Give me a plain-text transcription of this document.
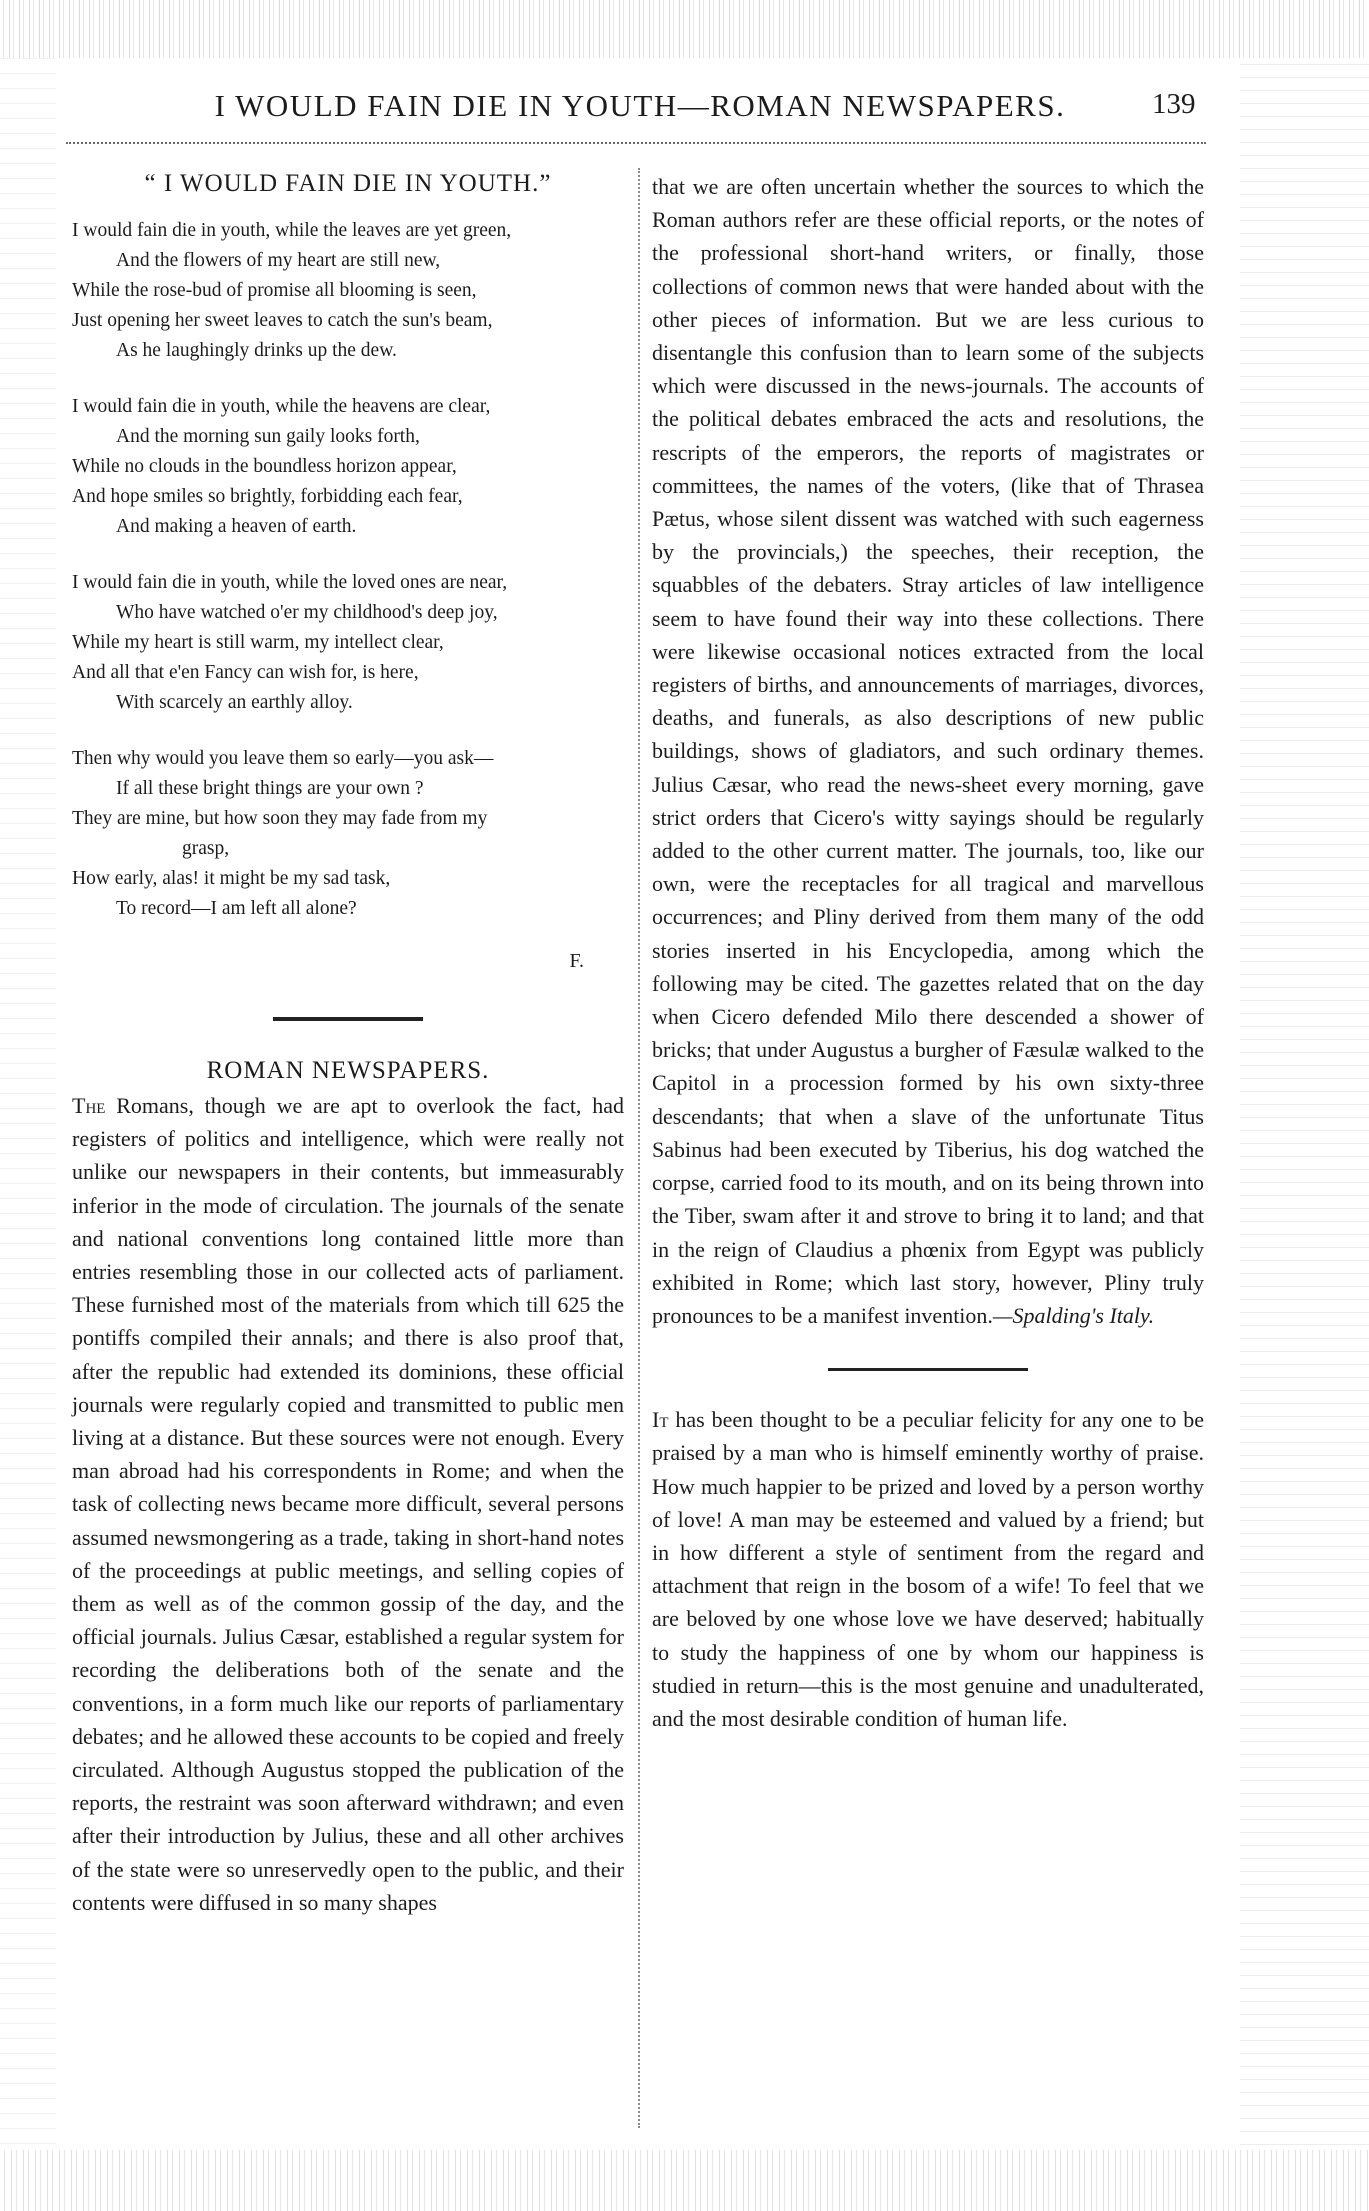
I WOULD FAIN DIE IN YOUTH—ROMAN NEWSPAPERS.	139
“ I WOULD FAIN DIE IN YOUTH.”
I would fain die in youth, while the leaves are yet green,
And the flowers of my heart are still new,
While the rose-bud of promise all blooming is seen,
Just opening her sweet leaves to catch the sun's beam,
As he laughingly drinks up the dew.
I would fain die in youth, while the heavens are clear,
And the morning sun gaily looks forth,
While no clouds in the boundless horizon appear,
And hope smiles so brightly, forbidding each fear,
And making a heaven of earth.
I would fain die in youth, while the loved ones are near,
Who have watched o'er my childhood's deep joy,
While my heart is still warm, my intellect clear,
And all that e'en Fancy can wish for, is here,
With scarcely an earthly alloy.
Then why would you leave them so early—you ask—
If all these bright things are your own ?
They are mine, but how soon they may fade from my
grasp,
How early, alas! it might be my sad task,
To record—I am left all alone?
F.
ROMAN NEWSPAPERS.

The Romans, though we are apt to overlook the fact, had registers of politics and intelligence, which were really not unlike our newspapers in their contents, but immeasurably inferior in the mode of circulation. The journals of the senate and national conventions long contained little more than entries resembling those in our collected acts of parliament. These furnished most of the materials from which till 625 the pontiffs compiled their annals; and there is also proof that, after the republic had extended its dominions, these official journals were regularly copied and transmitted to public men living at a distance. But these sources were not enough. Every man abroad had his correspondents in Rome; and when the task of collecting news became more difficult, several persons assumed newsmongering as a trade, taking in short-hand notes of the proceedings at public meetings, and selling copies of them as well as of the common gossip of the day, and the official journals. Julius Cæsar, established a regular system for recording the deliberations both of the senate and the conventions, in a form much like our reports of parliamentary debates; and he allowed these accounts to be copied and freely circulated. Although Augustus stopped the publication of the reports, the restraint was soon afterward withdrawn; and even after their introduction by Julius, these and all other archives of the state were so unreservedly open to the public, and their contents were diffused in so many shapes

that we are often uncertain whether the sources to which the Roman authors refer are these official reports, or the notes of the professional short-hand writers, or finally, those collections of common news that were handed about with the other pieces of information. But we are less curious to disentangle this confusion than to learn some of the subjects which were discussed in the news-journals. The accounts of the political debates embraced the acts and resolutions, the rescripts of the emperors, the reports of magistrates or committees, the names of the voters, (like that of Thrasea Pætus, whose silent dissent was watched with such eagerness by the provincials,) the speeches, their reception, the squabbles of the debaters. Stray articles of law intelligence seem to have found their way into these collections. There were likewise occasional notices extracted from the local registers of births, and announcements of marriages, divorces, deaths, and funerals, as also descriptions of new public buildings, shows of gladiators, and such ordinary themes. Julius Cæsar, who read the news-sheet every morning, gave strict orders that Cicero's witty sayings should be regularly added to the other current matter. The journals, too, like our own, were the receptacles for all tragical and marvellous occurrences; and Pliny derived from them many of the odd stories inserted in his Encyclopedia, among which the following may be cited. The gazettes related that on the day when Cicero defended Milo there descended a shower of bricks; that under Augustus a burgher of Fæsulæ walked to the Capitol in a procession formed by his own sixty-three descendants; that when a slave of the unfortunate Titus Sabinus had been executed by Tiberius, his dog watched the corpse, carried food to its mouth, and on its being thrown into the Tiber, swam after it and strove to bring it to land; and that in the reign of Claudius a phœnix from Egypt was publicly exhibited in Rome; which last story, however, Pliny truly pronounces to be a manifest invention.—Spalding's Italy.

It has been thought to be a peculiar felicity for any one to be praised by a man who is himself eminently worthy of praise. How much happier to be prized and loved by a person worthy of love! A man may be esteemed and valued by a friend; but in how different a style of sentiment from the regard and attachment that reign in the bosom of a wife! To feel that we are beloved by one whose love we have deserved; habitually to study the happiness of one by whom our happiness is studied in return—this is the most genuine and unadulterated, and the most desirable condition of human life.
